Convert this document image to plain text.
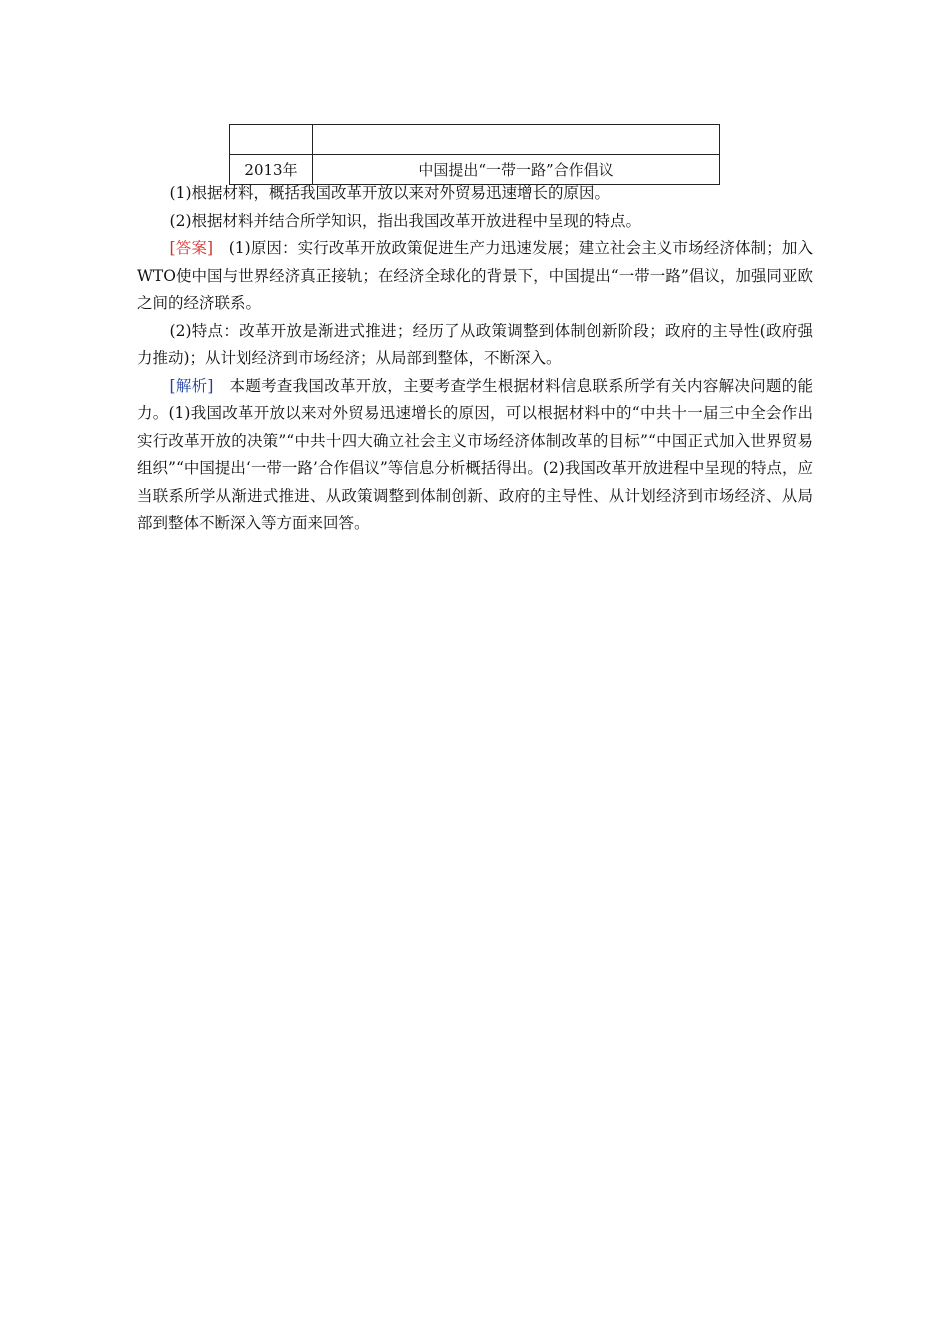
2013年	中国提出“一带一路”合作倡议

(1)根据材料，概括我国改革开放以来对外贸易迅速增长的原因。

(2)根据材料并结合所学知识，指出我国改革开放进程中呈现的特点。

[答案]　(1)原因：实行改革开放政策促进生产力迅速发展；建立社会主义市场经济体制；加入WTO使中国与世界经济真正接轨；在经济全球化的背景下，中国提出“一带一路”倡议，加强同亚欧之间的经济联系。

(2)特点：改革开放是渐进式推进；经历了从政策调整到体制创新阶段；政府的主导性(政府强力推动)；从计划经济到市场经济；从局部到整体，不断深入。

[解析]　本题考查我国改革开放，主要考查学生根据材料信息联系所学有关内容解决问题的能力。(1)我国改革开放以来对外贸易迅速增长的原因，可以根据材料中的“中共十一届三中全会作出实行改革开放的决策”“中共十四大确立社会主义市场经济体制改革的目标”“中国正式加入世界贸易组织”“中国提出‘一带一路’合作倡议”等信息分析概括得出。(2)我国改革开放进程中呈现的特点，应当联系所学从渐进式推进、从政策调整到体制创新、政府的主导性、从计划经济到市场经济、从局部到整体不断深入等方面来回答。
